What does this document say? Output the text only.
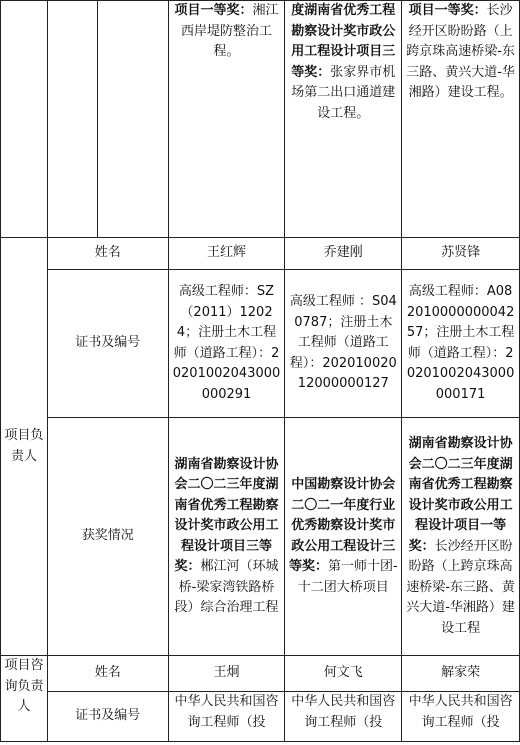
			项目一等奖：湘江西岸堤防整治工程。	度湖南省优秀工程勘察设计奖市政公用工程设计项目三等奖：张家界市机场第二出口通道建设工程。	项目一等奖：长沙经开区盼盼路（上跨京珠高速桥梁-东三路、黄兴大道-华湘路）建设工程。
项目负责人	姓名		王红辉	乔建刚	苏贤锋
	证书及编号		高级工程师：SZ（2011）12024；注册土木工程师（道路工程）：20201002043000000291	高级工程师 ：S040787；注册土木工程师（道路工程）：20201002012000000127	高级工程师：A08201000000004257；注册土木工程师（道路工程）：20201002043000000171
	获奖情况		湖南省勘察设计协会二〇二三年度湖南省优秀工程勘察设计奖市政公用工程设计项目三等奖：郴江河（环城桥-梁家湾铁路桥段）综合治理工程	中国勘察设计协会二〇二一年度行业优秀勘察设计奖市政公用工程设计三等奖：第一师十团-十二团大桥项目	湖南省勘察设计协会二〇二三年度湖南省优秀工程勘察设计奖市政公用工程设计项目一等奖：长沙经开区盼盼路（上跨京珠高速桥梁-东三路、黄兴大道-华湘路）建设工程
项目咨询负责人	姓名		王炯	何文飞	解家荣
	证书及编号		中华人民共和国咨询工程师（投	中华人民共和国咨询工程师（投	中华人民共和国咨询工程师（投
